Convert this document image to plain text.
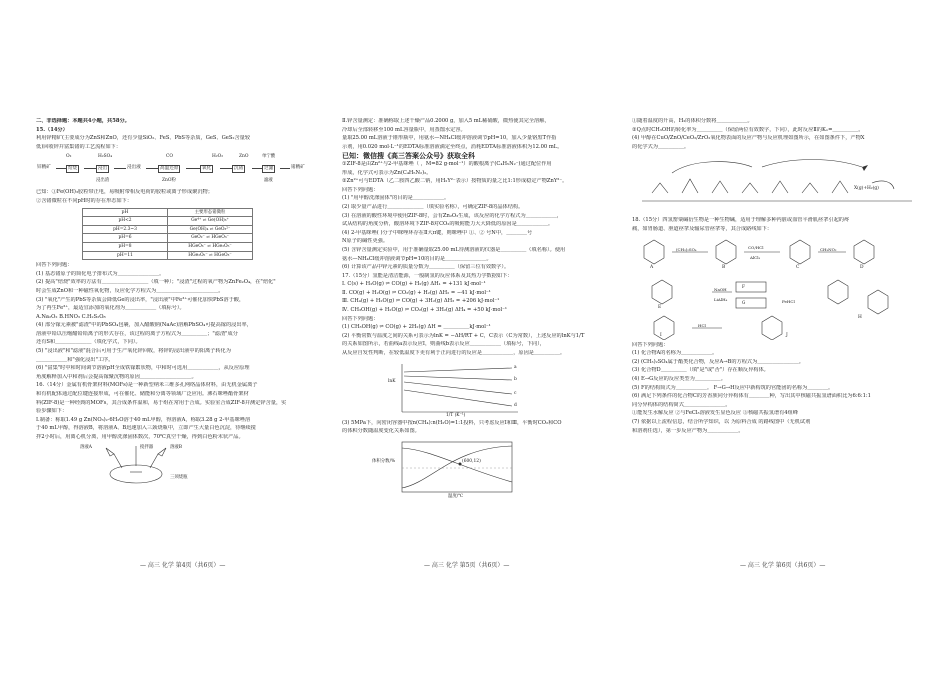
二、非选择题：本题共4小题，共58分。

15.（14分）

利用锌精矿(主要成分为ZnS和ZnO，还有少量SiO₂、FeS、PbS等杂质，GeS、GeS₂含量较

低)回收锌并富集锗的工艺流程如下：

O₂	H₂SO₄	CO	H₂O₂	ZnO	单宁酸
锌精矿	焙烧	浸出	浸出液	高温还原	氧化	沉锗	过滤	锗精矿
浸出渣	ZnO粉	滤液

已知：①Fe(OH)₃胶粒带正电，易吸附带相反电荷的胶粒或离子形成聚沉物；

②含锗微粒在不同pH时的存在形态如下：

pH	主要形态锗微粒
pH<2	Ge⁴⁺ ⇌ Ge(OH)₃⁺
pH=2.3~3	Ge(OH)₄ ⇌ GeO₃²⁻
pH=6	GeO₂⁻ ⇌ HGeO₃⁻
pH=8	HGeO₃⁻ ⇌ HGe₂O₅⁻
pH=11	HGe₂O₅⁻ ⇌ HGeO₃⁻

回答下列问题：

(1) 基态锗原子的简化电子排布式为＿＿＿＿＿＿＿＿。

(2) 提高"焙烧"效率的方法有＿＿＿＿＿＿＿＿＿（填一种）；"浸渣"过程的氧产物为ZnFe₂O₄，在"焙化"

时会生成ZnO和一种磁性氧化物，反应化学方程式为＿＿＿＿＿＿＿＿＿＿＿＿。

(3) "氧化"产生的PbS等杂质会降低Ge的浸出率，"浸出液"中Fe³⁺可催化加快PbS溶于酸，

为了再生Fe³⁺，最适宜添加的氧化剂为＿＿＿＿＿＿（填标号）。

A.Na₂O₂ B.HNO₃ C.H₂S₂O₈

(4) 部分镓元素被"滤渣"中的PbSO₄包裹，加入醋酸钠(NaAc)溶解PbSO₄可提高镓的浸出率，

溶液中铅以压缩醋铅铅离子的形式存在，该过程的离子方程式为＿＿＿＿＿；"滤渣"成分

还有S和＿＿＿＿＿＿＿（填化学式，下同）。

(5) "浸出液"和"滤液"混合后可用于生产氧化锌回收，将锌的浸出液中的阳离子转化为

＿＿＿＿＿＿和"强化浸出"工序。

(6) "富集"时中和时间调节溶液pH全成铁镓絮状物，中和时可选用＿＿＿＿＿＿，从反应原理

角度解释加入中和剂后会提高镓聚沉物的原因＿＿＿＿＿＿＿＿＿＿。

16.（14分）金属有机骨架材料(MOFs)是一种新型纳米三维多孔网络晶体材料，由无机金属离子

和有机配体通过配位键连接形成，可在催化、储能和分离等领域广泛应用。沸石咪唑酯骨架材

料(ZIF-8)是一种经典的MOFs，其合成条件温和，易于组在常用于合成。实验室合成ZIF-8并测定锌含量，实

验步骤如下：

Ⅰ.制备：称取1.49 g Zn(NO₃)₂·6H₂O溶于40 mL甲醇，得溶液A，称取3.28 g 2-甲基咪唑溶

于40 mL甲醇，得溶液B，将溶液A、B迅速加入三颈烧瓶中，立即产生大量白色沉淀，待继续搅

拌2小时后，用离心机分离，用甲醇洗涤固体数次，70℃真空干燥，得到白色粉末状产品。

溶液A	搅拌器	溶液B
三颈烧瓶
— 高三 化学 第4页（共6页）—

Ⅱ.锌含量测定：准确称取上述干燥产品0.2000 g，加入5 mL稀硝酸，微热使其完全溶解，

冷却后全部转移至100 mL容量瓶中，用蒸馏水定容。

量取25.00 mL溶液于锥形瓶中，用氨水—NH₄Cl缓冲溶液调节pH=10，加入少量铬黑T作指

示剂，用0.020 mol·L⁻¹的EDTA标准溶液滴定至终点，消耗EDTA标准溶液体积为12.00 mL。

已知：微信搜《高三答案公众号》获取全科

①ZIF-8是由Zn²⁺与2-甲基咪唑（ ，M=82 g·mol⁻¹）的酸根离子(C₄H₅N₂⁻)通过配位作用

形成，化学式可表示为Zn(C₄H₅N₂)₂。

②Zn²⁺可与EDTA（乙二胺四乙酸二钠，用H₂Y²⁻表示）按物质的量之比1:1形成稳定产物ZnY²⁻。

回答下列问题：

(1) "用甲醇洗涤固体"的目的是＿＿＿＿＿＿。

(2) 取少量产品进行＿＿＿＿＿＿＿（填实验名称），可确定ZIF-8的晶体结构。

(3) 在溶液的酸性环境中使用ZIF-8时，会有Zn₂O₃生成，该反应的化学方程式为＿＿＿＿＿＿，

试从结构的角度分析，酸溶环境下ZIF-8对CO₂的吸附能力大大降低的原因是＿＿＿＿＿＿。

(4) 2-甲基咪唑( )分子中咪唑环存在Ⅱ大π键，则咪唑中 ①、② 号N中，＿＿＿＿号

N原子的碱性更强。

(5) 含锌含量测定实验中，用于准确量取25.00 mL待测溶液的仪器是＿＿＿＿＿（填名称）。使用

氨水—NH₄Cl缓冲溶液调节pH=10的目的是＿＿＿＿＿＿＿＿。

(6) 计算该产品中锌元素的质量分数为＿＿＿＿＿（保留三位有效数字）。

17.（15分）氢能是清洁能源，一般制氢的反应体系及其热力学数据如下：

Ⅰ. C(s) + H₂O(g) ⇌ CO(g) + H₂(g) ΔH₁ = +131 kJ·mol⁻¹

Ⅱ. CO(g) + H₂O(g) ⇌ CO₂(g) + H₂(g) ΔH₂ = −41 kJ·mol⁻¹

Ⅲ. CH₄(g) + H₂O(g) ⇌ CO(g) + 3H₂(g) ΔH₃ = +206 kJ·mol⁻¹

Ⅳ. CH₃OH(g) + H₂O(g) ⇌ CO₂(g) + 3H₂(g) ΔH₄ = +50 kJ·mol⁻¹

回答下列问题：

(1) CH₃OH(g) ⇌ CO(g) + 2H₂(g) ΔH = ＿＿＿＿＿kJ·mol⁻¹

(2) 平衡常数与温度之间的关系可表示为lnK = −ΔH/RT + C，C表示（C为常数），上述反应的lnK与1/T

的关系如图所示，若曲线a表示反应Ⅰ，则曲线b表示反应＿＿＿＿＿＿（填标号，下同），

从反应自发性判断，在较低温度下更有利于正向进行的反应是＿＿＿＿＿＿，原因是＿＿＿＿＿。

lnK
1/T (K⁻¹)
a
b
c
d

(3) 5MPa下，向密闭容器中按n(CH₄):n(H₂O)=1:1投料，只考虑反应Ⅰ和Ⅲ，平衡时CO₂和CO

的体积分数随温度变化关系如图。

体积分数/%
温度/℃
(600,12)
— 高三 化学 第5页（共6页）—

①随着温度的升高，H₂的体积分数将＿＿＿＿＿＿。

②Q点时CH₃OH的转化率为＿＿＿＿＿（保留两位有效数字，下同），此时反应Ⅱ的Kₓ=＿＿＿＿＿。

(4) 甲醇在CuO/ZnO/CeO₂/ZrO₂氧化物表面的反应产物与反应机理如图所示，在如图条件下，产物X

的化学式为＿＿＿＿＿。

X(g)+H₂(g)

18.（15分）四氢罂粟碱衍生物是一种生物碱，适用于理解多种内脏或血管平滑肌痉挛引起的疼

痛，如胃肠道、胆道痉挛及输尿管痉挛等，其合成路线如下：

A	B	C	D
E
F
G
H
I	J
(CH₃)₂SO₄	CO/HCl
AlCl₃
CH₃NO₂
NaOH
LiAlH₄	FeHCl
HCl

回答下列问题：

(1) 化合物A的名称为＿＿＿＿＿＿。

(2) (CH₃)₂SO₄属于酯类化合物，反应A→B的方程式为＿＿＿＿＿＿＿＿。

(3) 化合物D＿＿＿＿＿（填"是"或"否"）存在顺反异构体。

(4) E→G反应的反应类型为＿＿＿＿＿。

(5) F的结构简式为＿＿＿＿＿＿。 F→G→H反应中新构筑的官能团的名称为＿＿＿＿。

(6) 满足下列条件的化合物C的芳香族同分异构体有＿＿＿＿种，写出其中核磁共振氢谱面积比为6:6:1:1

同分异构体的结构简式＿＿＿＿＿＿＿＿。

①能发生水解反应 ②与FeCl₃溶液发生显色反应 ③核磁共振氢谱有4组峰

(7) 依据以上流程信息，结合所学知识，以 为原料合成 的路线图中（无机试剂

和溶剂任选），第一步反应产物为＿＿＿＿＿＿。

— 高三 化学 第6页（共6页）—
